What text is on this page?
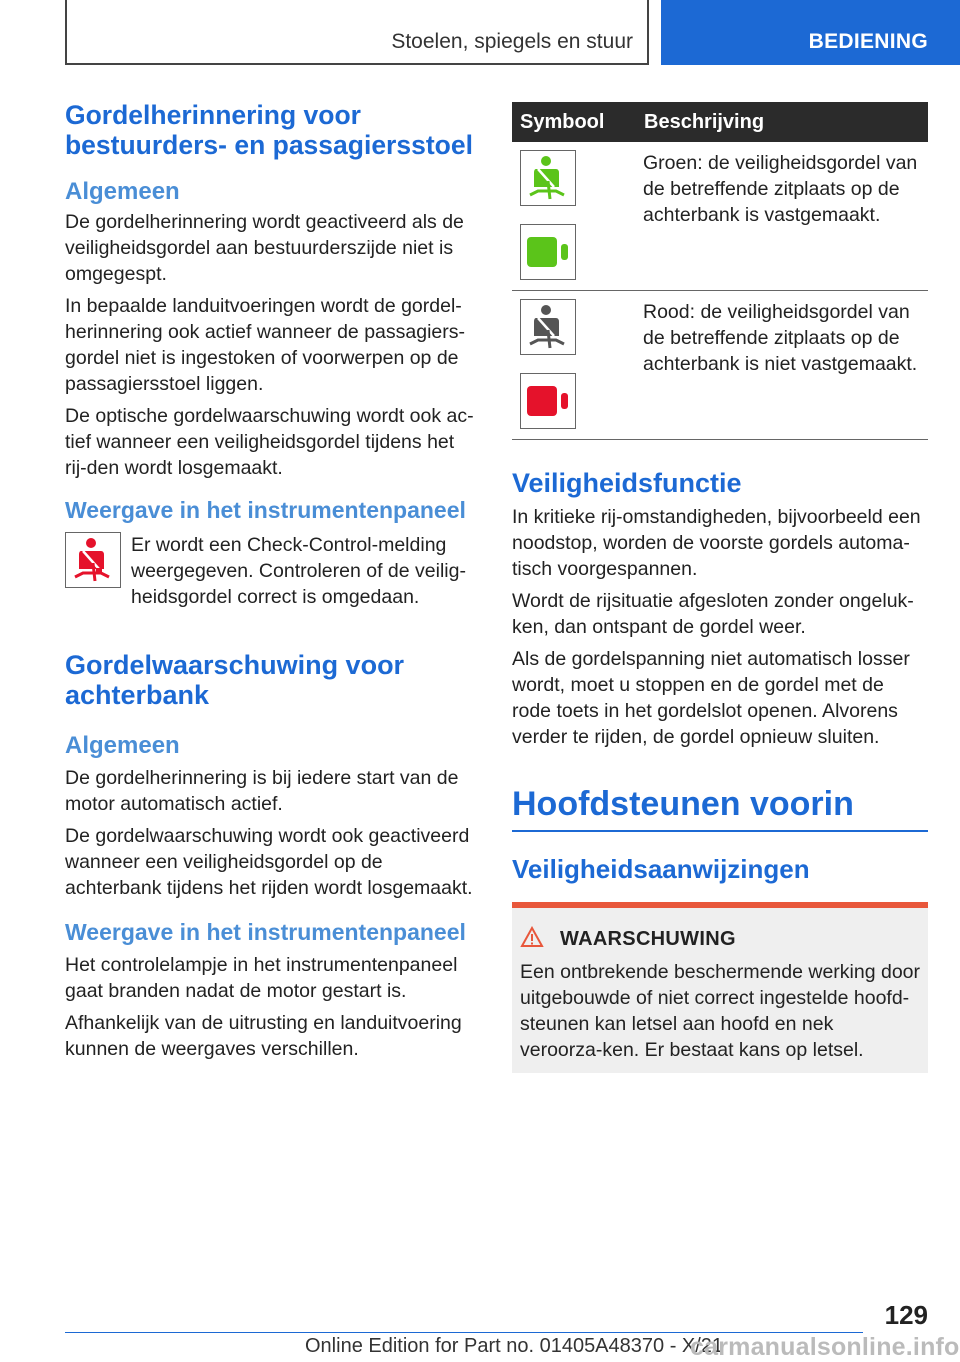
Stoelen, spiegels en stuur	BEDIENING
Gordelherinnering voor bestuurders- en passagiersstoel
Algemeen

De gordelherinnering wordt geactiveerd als de veiligheidsgordel aan bestuurderszijde niet is omgegespt.

In bepaalde landuitvoeringen wordt de gordel-herinnering ook actief wanneer de passagiers-gordel niet is ingestoken of voorwerpen op de passagiersstoel liggen.

De optische gordelwaarschuwing wordt ook ac-tief wanneer een veiligheidsgordel tijdens het rij-den wordt losgemaakt.

Weergave in het instrumentenpaneel

Er wordt een Check-Control-melding weergegeven. Controleren of de veilig-heidsgordel correct is omgedaan.

Gordelwaarschuwing voor achterbank
Algemeen

De gordelherinnering is bij iedere start van de motor automatisch actief.

De gordelwaarschuwing wordt ook geactiveerd wanneer een veiligheidsgordel op de achterbank tijdens het rijden wordt losgemaakt.

Weergave in het instrumentenpaneel

Het controlelampje in het instrumentenpaneel gaat branden nadat de motor gestart is.

Afhankelijk van de uitrusting en landuitvoering kunnen de weergaves verschillen.

Symbool	Beschrijving

Groen: de veiligheidsgordel van de betreffende zitplaats op de achterbank is vastgemaakt.

Rood: de veiligheidsgordel van de betreffende zitplaats op de achterbank is niet vastgemaakt.

Veiligheidsfunctie

In kritieke rij-omstandigheden, bijvoorbeeld een noodstop, worden de voorste gordels automa-tisch voorgespannen.

Wordt de rijsituatie afgesloten zonder ongeluk-ken, dan ontspant de gordel weer.

Als de gordelspanning niet automatisch losser wordt, moet u stoppen en de gordel met de rode toets in het gordelslot openen. Alvorens verder te rijden, de gordel opnieuw sluiten.

Hoofdsteunen voorin
Veiligheidsaanwijzingen
WAARSCHUWING

Een ontbrekende beschermende werking door uitgebouwde of niet correct ingestelde hoofd-steunen kan letsel aan hoofd en nek veroorza-ken. Er bestaat kans op letsel.

129
Online Edition for Part no. 01405A48370 - X/21
carmanualsonline.info
